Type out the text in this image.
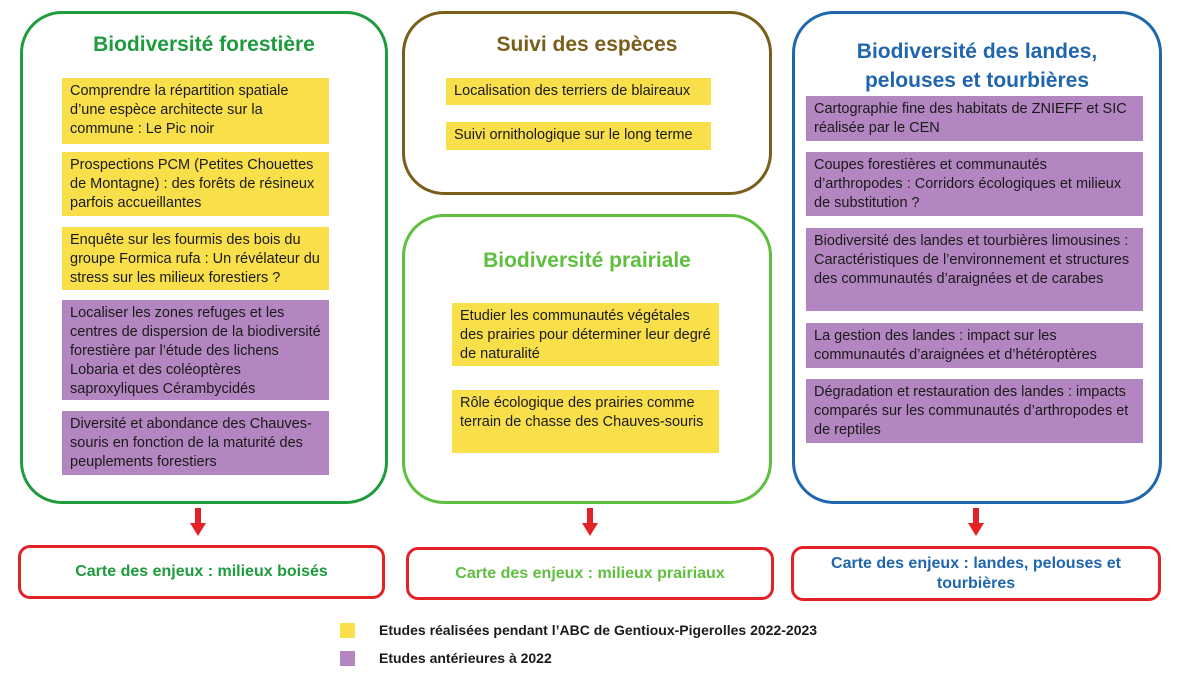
Biodiversité forestière
Comprendre la répartition spatiale d’une espèce architecte sur la commune : Le Pic noir
Prospections PCM (Petites Chouettes de Montagne) : des forêts de résineux parfois accueillantes
Enquête sur les fourmis des bois du groupe Formica rufa : Un révélateur du stress sur les milieux forestiers ?
Localiser les zones refuges et les centres de dispersion de la biodiversité forestière par l’étude des lichens Lobaria et des coléoptères saproxyliques Cérambycidés
Diversité et abondance des Chauves-souris en fonction de la maturité des peuplements forestiers
Suivi des espèces
Localisation des terriers de blaireaux
Suivi ornithologique sur le long terme
Biodiversité prairiale
Etudier les communautés végétales des prairies pour déterminer leur degré de naturalité
Rôle écologique des prairies comme terrain de chasse des Chauves-souris
Biodiversité des landes, pelouses et tourbières
Cartographie fine des habitats de ZNIEFF et SIC réalisée par le CEN
Coupes forestières et communautés d’arthropodes : Corridors écologiques et milieux de substitution ?
Biodiversité des landes et tourbières limousines : Caractéristiques de l’environnement et structures des communautés d’araignées et de carabes
La gestion des landes : impact sur les communautés d’araignées et d’hétéroptères
Dégradation et restauration des landes : impacts comparés sur les communautés d’arthropodes et de reptiles
Carte des enjeux : milieux boisés	Carte des enjeux : milieux prairiaux
Carte des enjeux : landes, pelouses et tourbières
Etudes réalisées pendant l’ABC de Gentioux-Pigerolles 2022-2023
Etudes antérieures à 2022
